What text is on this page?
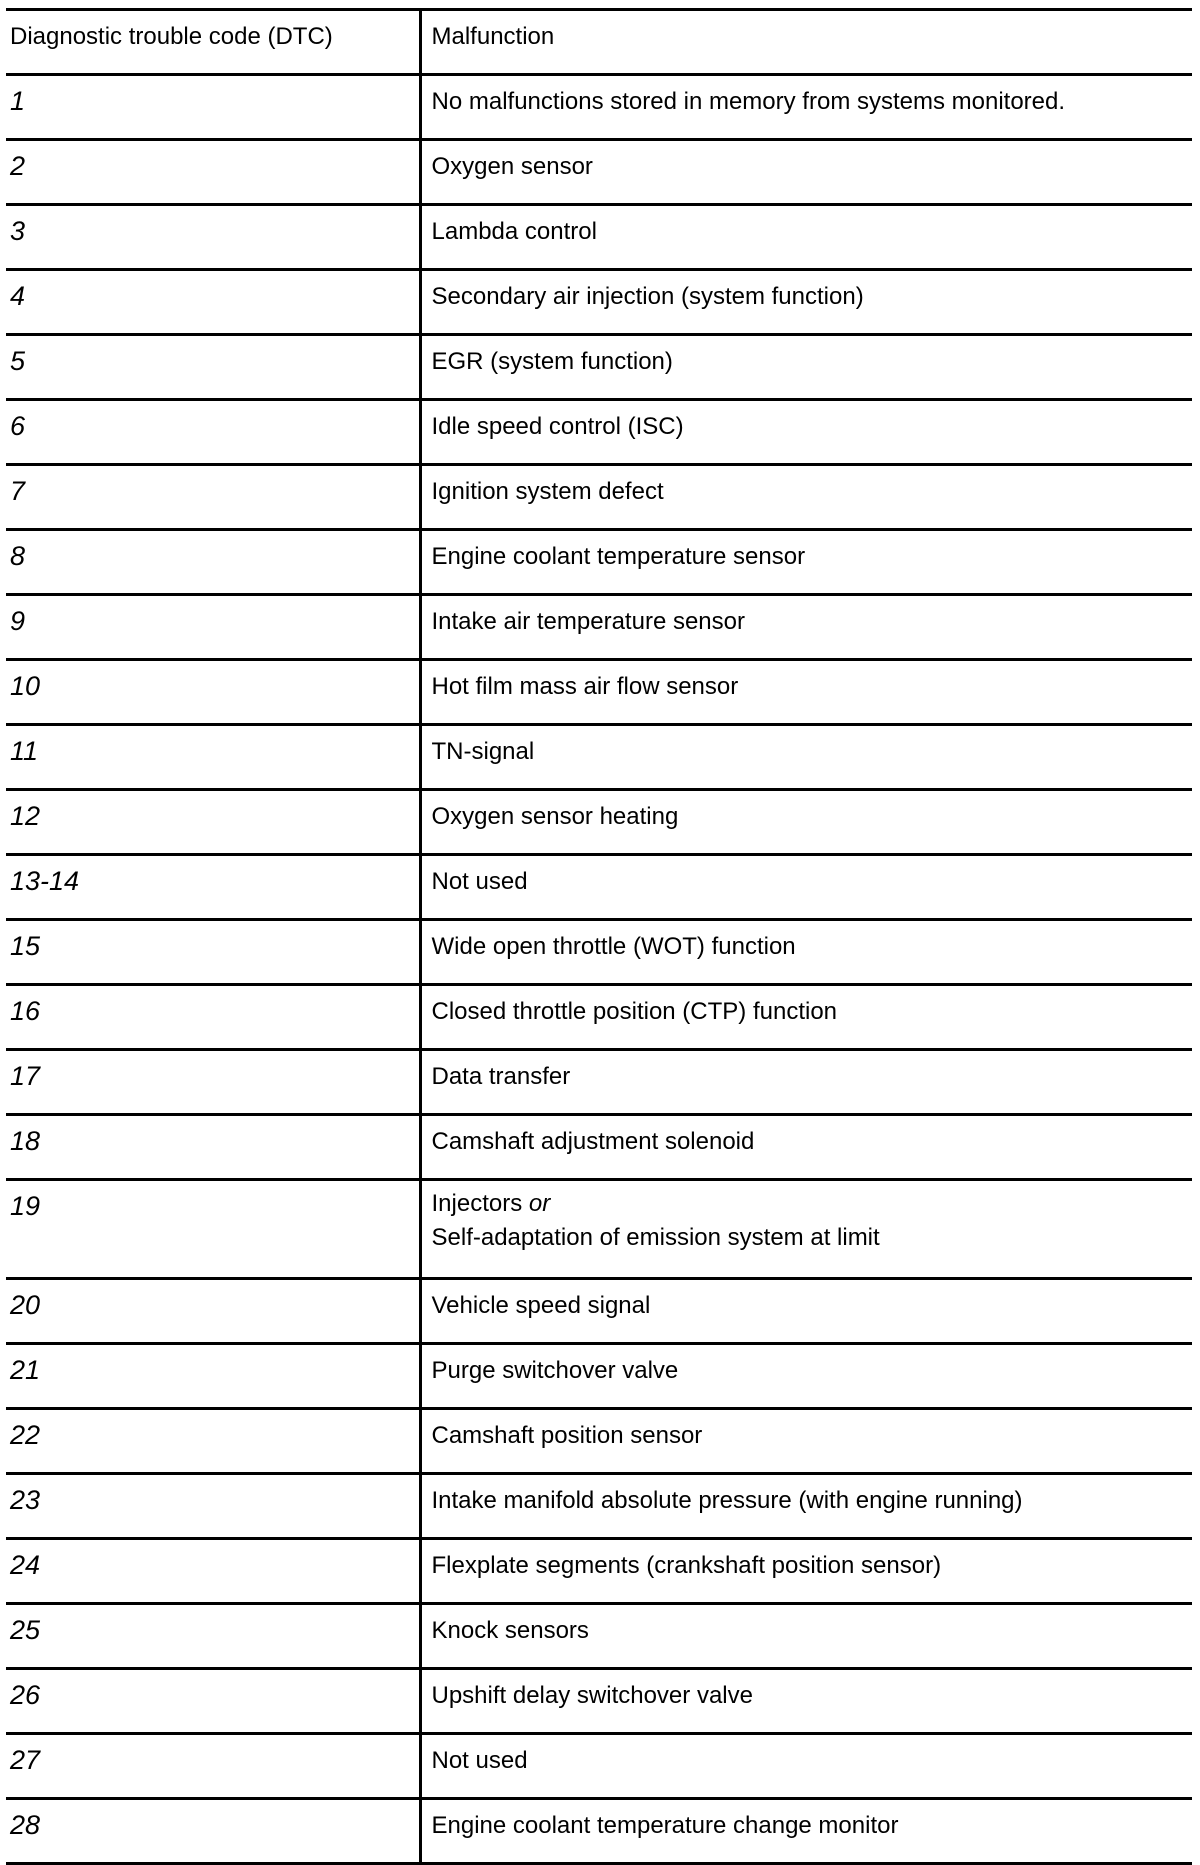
Diagnostic trouble code (DTC)	Malfunction
1	No malfunctions stored in memory from systems monitored.
2	Oxygen sensor
3	Lambda control
4	Secondary air injection (system function)
5	EGR (system function)
6	Idle speed control (ISC)
7	Ignition system defect
8	Engine coolant temperature sensor
9	Intake air temperature sensor
10	Hot film mass air flow sensor
11	TN-signal
12	Oxygen sensor heating
13-14	Not used
15	Wide open throttle (WOT) function
16	Closed throttle position (CTP) function
17	Data transfer
18	Camshaft adjustment solenoid
19	Injectors or
Self-adaptation of emission system at limit

20	Vehicle speed signal
21	Purge switchover valve
22	Camshaft position sensor
23	Intake manifold absolute pressure (with engine running)
24	Flexplate segments (crankshaft position sensor)
25	Knock sensors
26	Upshift delay switchover valve
27	Not used
28	Engine coolant temperature change monitor
